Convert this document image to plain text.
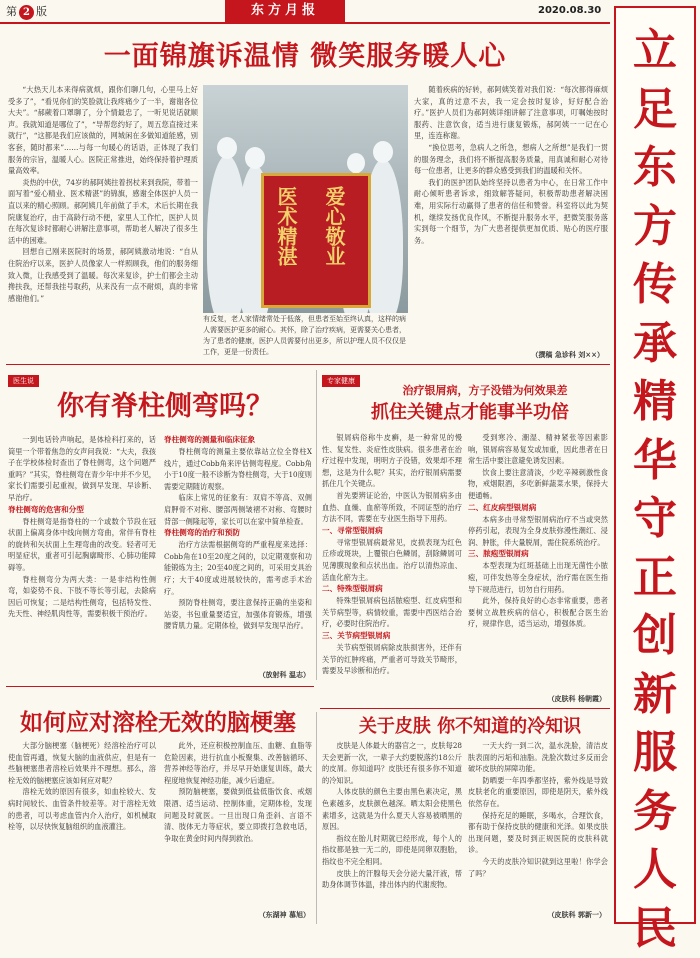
第 2 版	东方月报	2020.08.30
立
足
东
方
传
承
精
华
守
正
创
新
服
务
人
民
一面锦旗诉温情 微笑服务暖人心

“大热天儿本来得病就烦，跟你们聊几句，心里马上好受多了”，“看见你们的笑脸就让我疼痛少了一半，谢谢各位大夫”。“郝蕨着口罩聊了，分个情最忠了，一听见说话就顺声。我就知道是哪位了”，“导帮您约好了，周五您直接过来就行”，“这都是我们应该做的，网城闲在多做知道能感，别客套，随时都来”……与每一句暖心的话语，正体现了我们服务的宗旨，温暖人心。医院正常推进，始终保持着护理质量高效率。

炎热的中伏，74岁的郝阿姨拄着拐杖来到我院，带着一面写着“爱心精业、医术精湛”的锦旗，感谢全体医护人员一直以来的精心照顾。郝阿姨几年前做了手术，术后长期在我院康复治疗，由于高龄行动不便，家里人工作忙，医护人员在每次复诊时都耐心讲解注意事项，帮助老人解决了很多生活中的困难。

回想自己刚来医院时的场景，郝阿姨激动地说：“自从住院治疗以来，医护人员像家人一样照顾我，他们的服务细致入微，让我感受到了温暖。每次来复诊，护士们都会主动搀扶我，还帮我挂号取药，从来没有一点不耐烦，真的非常感谢他们。”

医术精湛 爱心敬业
有反复，老人家情绪常处于低落，但患者至始至终认真，这样的病人需要医护更多的耐心。其怀，除了治疗疾病，更需要关心患者，为了患者的健康，医护人员需要付出更多，所以护理人员不仅仅是工作，更是一份责任。

随着疾病的好转，郝阿姨笑着对我们说：“每次都得麻烦大家，真的过意不去，我一定会按时复诊，好好配合治疗。”医护人员们为郝阿姨详细讲解了注意事项，叮嘱她按时服药、注意饮食，适当进行康复锻炼，郝阿姨一一记在心里，连连称谢。

“换位思考，急病人之所急，想病人之所想”是我们一贯的服务理念，我们将不断提高服务质量，用真诚和耐心对待每一位患者，让更多的群众感受到我们的温暖和关怀。

我们的医护团队始终坚持以患者为中心，在日常工作中耐心倾听患者诉求，细致解答疑问，积极帮助患者解决困难，用实际行动赢得了患者的信任和赞誉。科室将以此为契机，继续发扬优良作风，不断提升服务水平，把微笑服务落实到每一个细节，为广大患者提供更加优质、贴心的医疗服务。

（撰稿 急诊科 刘××）
医生说
你有脊柱侧弯吗？

一到电话铃声响起，是体检科打来的，话筒里一个带着焦急的女声问我说：“大夫，我孩子在学校体检时查出了脊柱侧弯，这个问题严重吗？”其实，脊柱侧弯在青少年中并不少见，家长们需要引起重视，做到早发现、早诊断、早治疗。

脊柱侧弯的危害和分型

脊柱侧弯是指脊柱的一个或数个节段在冠状面上偏离身体中线向侧方弯曲，常伴有脊柱的旋转和矢状面上生理弯曲的改变。轻者可无明显症状，重者可引起胸廓畸形、心肺功能障碍等。

脊柱侧弯分为两大类：一是非结构性侧弯，如姿势不良、下肢不等长等引起，去除病因后可恢复；二是结构性侧弯，包括特发性、先天性、神经肌肉性等，需要积极干预治疗。

脊柱侧弯的测量和临床征象

脊柱侧弯的测量主要依靠站立位全脊柱X线片，通过Cobb角来评估侧弯程度。Cobb角小于10度一般不诊断为脊柱侧弯，大于10度则需要定期随访观察。

临床上常见的征象有：双肩不等高、双侧肩胛骨不对称、腰部两侧皱褶不对称、弯腰时背部一侧隆起等，家长可以在家中简单检查。

脊柱侧弯的治疗和预防

治疗方法需根据侧弯的严重程度来选择：Cobb角在10至20度之间的，以定期观察和功能锻炼为主；20至40度之间的，可采用支具治疗；大于40度或进展较快的，需考虑手术治疗。

预防脊柱侧弯，要注意保持正确的坐姿和站姿，书包重量要适宜，加强体育锻炼，增强腰背肌力量。定期体检，做到早发现早治疗。

（放射科 温志）
专家健康
治疗银屑病，方子没错为何效果差
抓住关键点才能事半功倍

银屑病俗称牛皮癣，是一种常见的慢性、复发性、炎症性皮肤病。很多患者在治疗过程中发现，明明方子没错，效果却不理想，这是为什么呢？其实，治疗银屑病需要抓住几个关键点。

首先要辨证论治，中医认为银屑病多由血热、血燥、血瘀等所致，不同证型的治疗方法不同，需要在专业医生指导下用药。

一、寻常型银屑病

寻常型银屑病最常见，皮损表现为红色丘疹或斑块，上覆银白色鳞屑，刮除鳞屑可见薄膜现象和点状出血。治疗以清热凉血、活血化瘀为主。

二、特殊型银屑病

特殊型银屑病包括脓疱型、红皮病型和关节病型等，病情较重，需要中西医结合治疗，必要时住院治疗。

三、关节病型银屑病

关节病型银屑病除皮肤损害外，还伴有关节的红肿疼痛，严重者可导致关节畸形，需要及早诊断和治疗。

受到寒冷、潮湿、精神紧张等因素影响，银屑病容易复发或加重，因此患者在日常生活中要注意避免诱发因素。

饮食上要注意清淡，少吃辛辣刺激性食物，戒烟限酒，多吃新鲜蔬菜水果，保持大便通畅。

二、红皮病型银屑病

本病多由寻常型银屑病治疗不当或突然停药引起，表现为全身皮肤弥漫性潮红、浸润、肿胀，伴大量脱屑，需住院系统治疗。

三、脓疱型银屑病

本型表现为红斑基础上出现无菌性小脓疱，可伴发热等全身症状，治疗需在医生指导下规范进行，切勿自行用药。

此外，保持良好的心态非常重要，患者要树立战胜疾病的信心，积极配合医生治疗，规律作息，适当运动，增强体质。

（皮肤科 杨朝霞）
如何应对溶栓无效的脑梗塞

大部分脑梗塞（脑梗死）经溶栓治疗可以使血管再通，恢复大脑的血液供应，但是有一些脑梗塞患者溶栓后效果并不理想。那么，溶栓无效的脑梗塞应该如何应对呢？

溶栓无效的原因有很多，如血栓较大、发病时间较长、血管条件较差等。对于溶栓无效的患者，可以考虑血管内介入治疗，如机械取栓等，以尽快恢复脑组织的血液灌注。

此外，还应积极控制血压、血糖、血脂等危险因素，进行抗血小板聚集、改善脑循环、营养神经等治疗，并尽早开始康复训练，最大程度地恢复神经功能，减少后遗症。

预防脑梗塞，要做到低盐低脂饮食、戒烟限酒、适当运动、控制体重，定期体检，发现问题及时就医。一旦出现口角歪斜、言语不清、肢体无力等症状，要立即拨打急救电话，争取在黄金时间内得到救治。

（东湖神 慕旭）
关于皮肤 你不知道的冷知识

皮肤是人体最大的器官之一，皮肤每28天会更新一次，一辈子大约要脱落约18公斤的皮屑。你知道吗？皮肤还有很多你不知道的冷知识。

人体皮肤的颜色主要由黑色素决定，黑色素越多，皮肤颜色越深。晒太阳会使黑色素增多，这就是为什么夏天人容易被晒黑的原因。

指纹在胎儿时期就已经形成，每个人的指纹都是独一无二的，即使是同卵双胞胎，指纹也不完全相同。

皮肤上的汗腺每天会分泌大量汗液，帮助身体调节体温，排出体内的代谢废物。

一天大约一到二次，温水洗脸，清洁皮肤表面的污垢和油脂。洗脸次数过多反而会破坏皮肤的屏障功能。

防晒要一年四季都坚持，紫外线是导致皮肤老化的重要原因，即使是阴天，紫外线依然存在。

保持充足的睡眠，多喝水，合理饮食，都有助于保持皮肤的健康和光泽。如果皮肤出现问题，要及时到正规医院的皮肤科就诊。

今天的皮肤冷知识就到这里啦！你学会了吗？

（皮肤科 郭新一）
